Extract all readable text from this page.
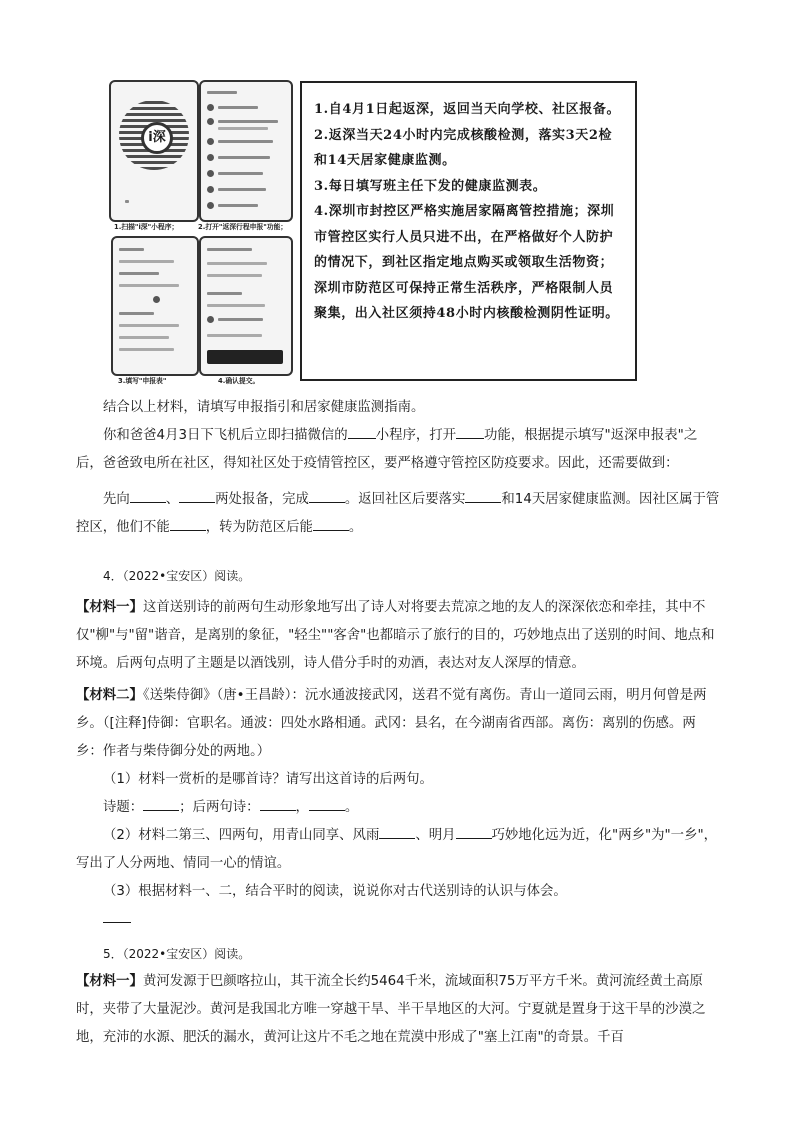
i深
1.扫描"i深"小程序； 2.打开"返深行程申报"功能；
3.填写"申报表"	4.确认提交。

1.自4月1日起返深，返回当天向学校、社区报备。

2.返深当天24小时内完成核酸检测，落实3天2检和14天居家健康监测。

3.每日填写班主任下发的健康监测表。

4.深圳市封控区严格实施居家隔离管控措施；深圳市管控区实行人员只进不出，在严格做好个人防护的情况下，到社区指定地点购买或领取生活物资；深圳市防范区可保持正常生活秩序，严格限制人员聚集，出入社区须持48小时内核酸检测阴性证明。

结合以上材料，请填写申报指引和居家健康监测指南。

你和爸爸4月3日下飞机后立即扫描微信的 小程序，打开 功能，根据提示填写"返深申报表"之后，爸爸致电所在社区，得知社区处于疫情管控区，要严格遵守管控区防疫要求。因此，还需要做到：

先向	、	两处报备，完成	。返回社区后要落实	和14天居家健康监测。因社区属于管控区，他们不能	，转为防范区后能	。

4．（2022•宝安区）阅读。

【材料一】这首送别诗的前两句生动形象地写出了诗人对将要去荒凉之地的友人的深深依恋和牵挂，其中不仅"柳"与"留"谐音，是离别的象征，"轻尘""客舍"也都暗示了旅行的目的，巧妙地点出了送别的时间、地点和环境。后两句点明了主题是以酒饯别，诗人借分手时的劝酒，表达对友人深厚的情意。

【材料二】《送柴侍御》（唐•王昌龄）：沅水通波接武冈，送君不觉有离伤。青山一道同云雨，明月何曾是两乡。（[注释]侍御：官职名。通波：四处水路相通。武冈：县名，在今湖南省西部。离伤：离别的伤感。两乡：作者与柴侍御分处的两地。）

（1）材料一赏析的是哪首诗？请写出这首诗的后两句。

诗题：	；后两句诗：	，	。

（2）材料二第三、四两句，用青山同享、风雨	、明月	巧妙地化远为近，化"两乡"为"一乡"，写出了人分两地、情同一心的情谊。

（3）根据材料一、二，结合平时的阅读，说说你对古代送别诗的认识与体会。

5．（2022•宝安区）阅读。

【材料一】黄河发源于巴颜喀拉山，其干流全长约5464千米，流域面积75万平方千米。黄河流经黄土高原时，夹带了大量泥沙。黄河是我国北方唯一穿越干旱、半干旱地区的大河。宁夏就是置身于这干旱的沙漠之地，充沛的水源、肥沃的漏水，黄河让这片不毛之地在荒漠中形成了"塞上江南"的奇景。千百
